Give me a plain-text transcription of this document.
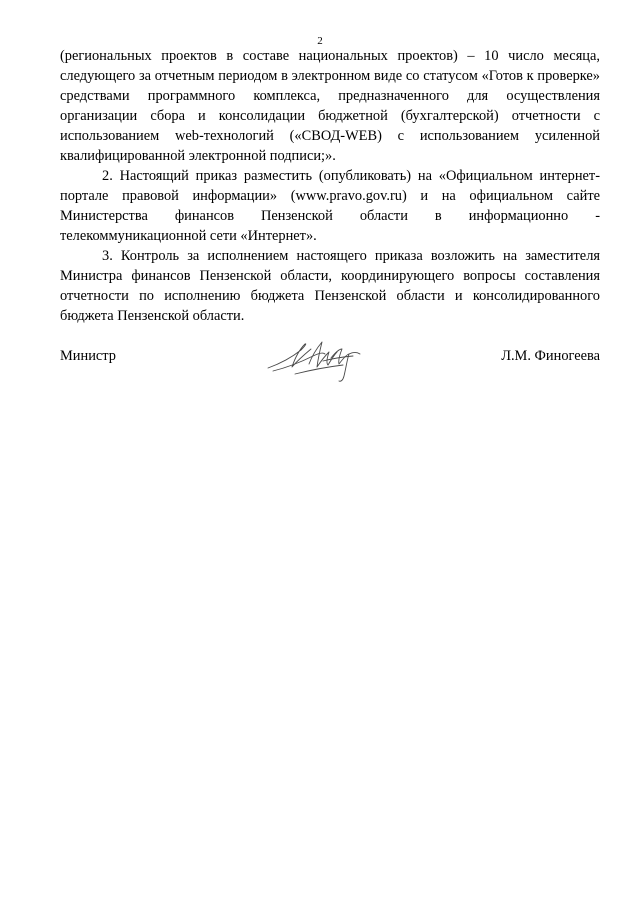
2

(региональных проектов в составе национальных проектов) – 10 число месяца, следующего за отчетным периодом в электронном виде со статусом «Готов к проверке» средствами программного комплекса, предназначенного для осуществления организации сбора и консолидации бюджетной (бухгалтерской) отчетности с использованием web-технологий («СВОД-WEB) с использованием усиленной квалифицированной электронной подписи;».

2. Настоящий приказ разместить (опубликовать) на «Официальном интернет- портале правовой информации» (www.pravo.gov.ru) и на официальном сайте Министерства финансов Пензенской области в информационно - телекоммуникационной сети «Интернет».

3. Контроль за исполнением настоящего приказа возложить на заместителя Министра финансов Пензенской области, координирующего вопросы составления отчетности по исполнению бюджета Пензенской области и консолидированного бюджета Пензенской области.

Министр	Л.М. Финогеева
